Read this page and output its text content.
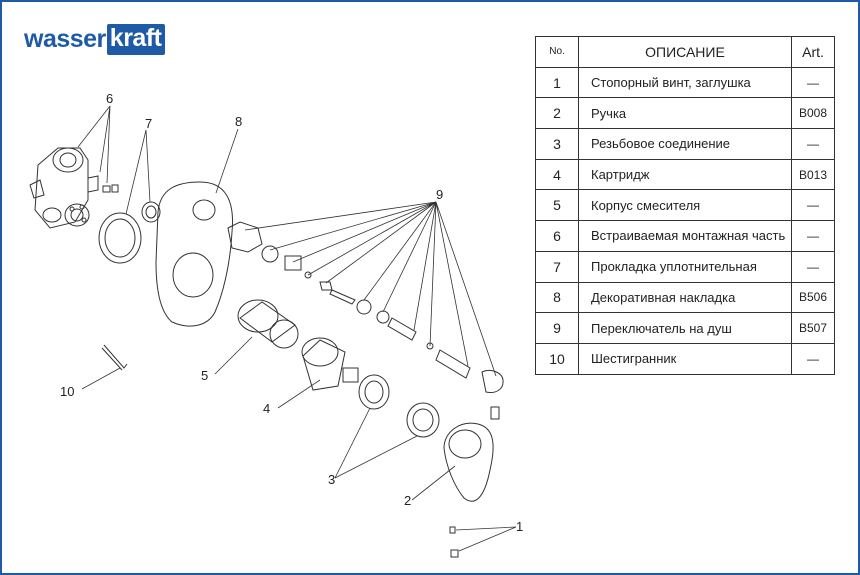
wasser kraft
No.	ОПИСАНИЕ	Art.
1	Стопорный винт, заглушка	—
2	Ручка	B008
3	Резьбовое соединение	—
4	Картридж	B013
5	Корпус смесителя	—
6	Встраиваемая монтажная часть	—
7	Прокладка уплотнительная	—
8	Декоративная накладка	B506
9	Переключатель на душ	B507
10	Шестигранник	—
6
7	8
9
5
4
10
3
2
1
